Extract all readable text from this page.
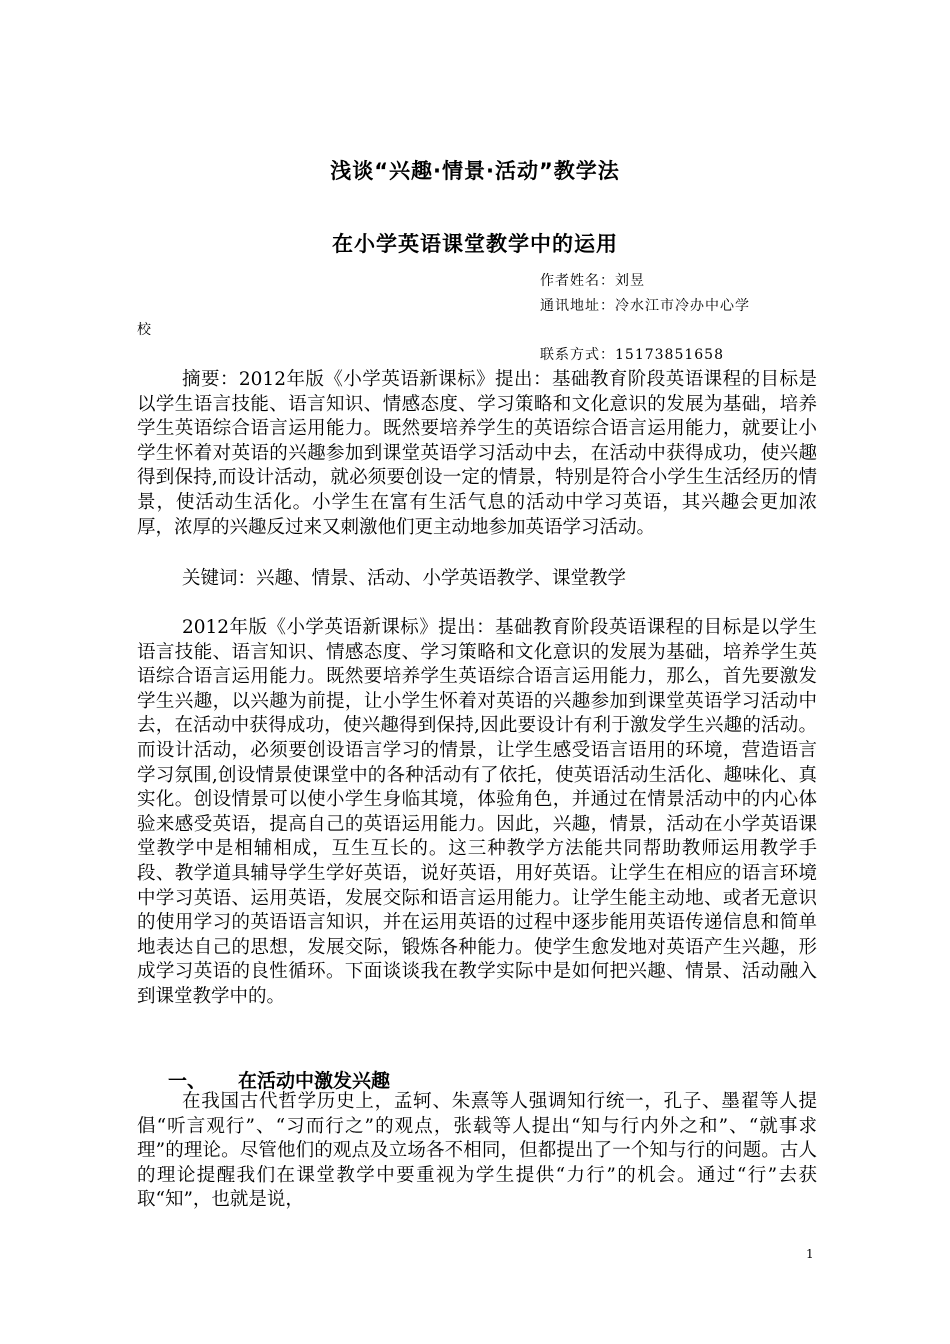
浅谈“兴趣·情景·活动”教学法
在小学英语课堂教学中的运用
作者姓名：刘昱
通讯地址：冷水江市冷办中心学
校
联系方式：15173851658

摘要：2012年版《小学英语新课标》提出：基础教育阶段英语课程的目标是以学生语言技能、语言知识、情感态度、学习策略和文化意识的发展为基础，培养学生英语综合语言运用能力。既然要培养学生的英语综合语言运用能力，就要让小学生怀着对英语的兴趣参加到课堂英语学习活动中去，在活动中获得成功，使兴趣得到保持,而设计活动，就必须要创设一定的情景，特别是符合小学生生活经历的情景，使活动生活化。小学生在富有生活气息的活动中学习英语，其兴趣会更加浓厚，浓厚的兴趣反过来又刺激他们更主动地参加英语学习活动。

关键词：兴趣、情景、活动、小学英语教学、课堂教学

2012年版《小学英语新课标》提出：基础教育阶段英语课程的目标是以学生语言技能、语言知识、情感态度、学习策略和文化意识的发展为基础，培养学生英语综合语言运用能力。既然要培养学生英语综合语言运用能力，那么，首先要激发学生兴趣，以兴趣为前提，让小学生怀着对英语的兴趣参加到课堂英语学习活动中去，在活动中获得成功，使兴趣得到保持,因此要设计有利于激发学生兴趣的活动。而设计活动，必须要创设语言学习的情景，让学生感受语言语用的环境，营造语言学习氛围,创设情景使课堂中的各种活动有了依托，使英语活动生活化、趣味化、真实化。创设情景可以使小学生身临其境，体验角色，并通过在情景活动中的内心体验来感受英语，提高自己的英语运用能力。因此，兴趣，情景，活动在小学英语课堂教学中是相辅相成，互生互长的。这三种教学方法能共同帮助教师运用教学手段、教学道具辅导学生学好英语，说好英语，用好英语。让学生在相应的语言环境中学习英语、运用英语，发展交际和语言运用能力。让学生能主动地、或者无意识的使用学习的英语语言知识，并在运用英语的过程中逐步能用英语传递信息和简单地表达自己的思想，发展交际，锻炼各种能力。使学生愈发地对英语产生兴趣，形成学习英语的良性循环。下面谈谈我在教学实际中是如何把兴趣、情景、活动融入到课堂教学中的。

一、 在活动中激发兴趣

在我国古代哲学历史上，孟轲、朱熹等人强调知行统一，孔子、墨翟等人提倡“听言观行”、“习而行之”的观点，张载等人提出“知与行内外之和”、“就事求理”的理论。尽管他们的观点及立场各不相同，但都提出了一个知与行的问题。古人的理论提醒我们在课堂教学中要重视为学生提供“力行”的机会。通过“行”去获取“知”，也就是说，

1
